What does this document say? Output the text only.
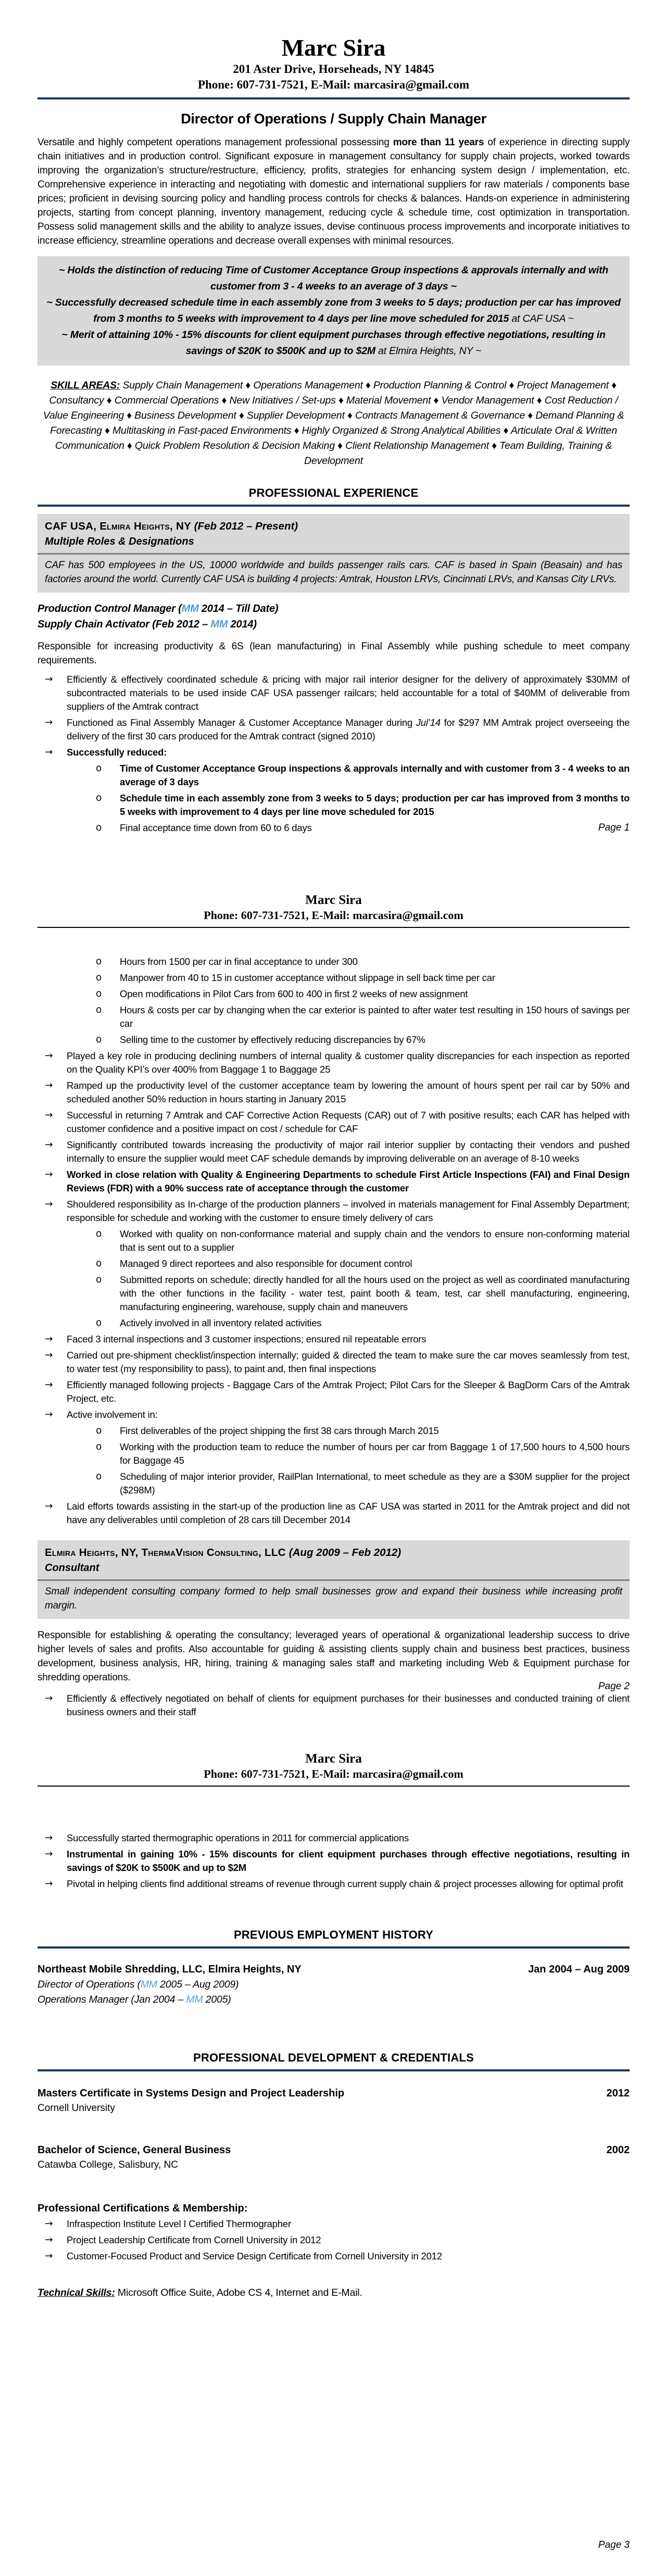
Marc Sira
201 Aster Drive, Horseheads, NY 14845
Phone: 607-731-7521, E-Mail: marcasira@gmail.com
Director of Operations / Supply Chain Manager

Versatile and highly competent operations management professional possessing more than 11 years of experience in directing supply chain initiatives and in production control. Significant exposure in management consultancy for supply chain projects, worked towards improving the organization’s structure/restructure, efficiency, profits, strategies for enhancing system design / implementation, etc. Comprehensive experience in interacting and negotiating with domestic and international suppliers for raw materials / components base prices; proficient in devising sourcing policy and handling process controls for checks & balances. Hands-on experience in administering projects, starting from concept planning, inventory management, reducing cycle & schedule time, cost optimization in transportation. Possess solid management skills and the ability to analyze issues, devise continuous process improvements and incorporate initiatives to increase efficiency, streamline operations and decrease overall expenses with minimal resources.

~ Holds the distinction of reducing Time of Customer Acceptance Group inspections & approvals internally and with customer from 3 - 4 weeks to an average of 3 days ~
~ Successfully decreased schedule time in each assembly zone from 3 weeks to 5 days; production per car has improved from 3 months to 5 weeks with improvement to 4 days per line move scheduled for 2015 at CAF USA ~
~ Merit of attaining 10% - 15% discounts for client equipment purchases through effective negotiations, resulting in savings of $20K to $500K and up to $2M at Elmira Heights, NY ~

SKILL AREAS: Supply Chain Management ♦ Operations Management ♦ Production Planning & Control ♦ Project Management ♦ Consultancy ♦ Commercial Operations ♦ New Initiatives / Set-ups ♦ Material Movement ♦ Vendor Management ♦ Cost Reduction / Value Engineering ♦ Business Development ♦ Supplier Development ♦ Contracts Management & Governance ♦ Demand Planning & Forecasting ♦ Multitasking in Fast-paced Environments ♦ Highly Organized & Strong Analytical Abilities ♦ Articulate Oral & Written Communication ♦ Quick Problem Resolution & Decision Making ♦ Client Relationship Management ♦ Team Building, Training & Development

PROFESSIONAL EXPERIENCE
CAF USA, Elmira Heights, NY (Feb 2012 – Present)
Multiple Roles & Designations
CAF has 500 employees in the US, 10000 worldwide and builds passenger rails cars. CAF is based in Spain (Beasain) and has factories around the world. Currently CAF USA is building 4 projects: Amtrak, Houston LRVs, Cincinnati LRVs, and Kansas City LRVs.
Production Control Manager (MM 2014 – Till Date)
Supply Chain Activator (Feb 2012 – MM 2014)

Responsible for increasing productivity & 6S (lean manufacturing) in Final Assembly while pushing schedule to meet company requirements.

→ Efficiently & effectively coordinated schedule & pricing with major rail interior designer for the delivery of approximately $30MM of subcontracted materials to be used inside CAF USA passenger railcars; held accountable for a total of $40MM of deliverable from suppliers of the Amtrak contract
→ Functioned as Final Assembly Manager & Customer Acceptance Manager during Jul’14 for $297 MM Amtrak project overseeing the delivery of the first 30 cars produced for the Amtrak contract (signed 2010)
→ Successfully reduced:
o Time of Customer Acceptance Group inspections & approvals internally and with customer from 3 - 4 weeks to an average of 3 days
o Schedule time in each assembly zone from 3 weeks to 5 days; production per car has improved from 3 months to 5 weeks with improvement to 4 days per line move scheduled for 2015
o Final acceptance time down from 60 to 6 days	Page 1
Marc Sira
Phone: 607-731-7521, E-Mail: marcasira@gmail.com
o Hours from 1500 per car in final acceptance to under 300
o Manpower from 40 to 15 in customer acceptance without slippage in sell back time per car
o Open modifications in Pilot Cars from 600 to 400 in first 2 weeks of new assignment
o Hours & costs per car by changing when the car exterior is painted to after water test resulting in 150 hours of savings per car
o Selling time to the customer by effectively reducing discrepancies by 67%
→ Played a key role in producing declining numbers of internal quality & customer quality discrepancies for each inspection as reported on the Quality KPI’s over 400% from Baggage 1 to Baggage 25
→ Ramped up the productivity level of the customer acceptance team by lowering the amount of hours spent per rail car by 50% and scheduled another 50% reduction in hours starting in January 2015
→ Successful in returning 7 Amtrak and CAF Corrective Action Requests (CAR) out of 7 with positive results; each CAR has helped with customer confidence and a positive impact on cost / schedule for CAF
→ Significantly contributed towards increasing the productivity of major rail interior supplier by contacting their vendors and pushed internally to ensure the supplier would meet CAF schedule demands by improving deliverable on an average of 8-10 weeks
→ Worked in close relation with Quality & Engineering Departments to schedule First Article Inspections (FAI) and Final Design Reviews (FDR) with a 90% success rate of acceptance through the customer
→ Shouldered responsibility as In-charge of the production planners – involved in materials management for Final Assembly Department; responsible for schedule and working with the customer to ensure timely delivery of cars
o Worked with quality on non-conformance material and supply chain and the vendors to ensure non-conforming material that is sent out to a supplier
o Managed 9 direct reportees and also responsible for document control
o Submitted reports on schedule; directly handled for all the hours used on the project as well as coordinated manufacturing with the other functions in the facility - water test, paint booth & team, test, car shell manufacturing, engineering, manufacturing engineering, warehouse, supply chain and maneuvers
o Actively involved in all inventory related activities
→ Faced 3 internal inspections and 3 customer inspections; ensured nil repeatable errors
→ Carried out pre-shipment checklist/inspection internally; guided & directed the team to make sure the car moves seamlessly from test, to water test (my responsibility to pass), to paint and, then final inspections
→ Efficiently managed following projects - Baggage Cars of the Amtrak Project; Pilot Cars for the Sleeper & BagDorm Cars of the Amtrak Project, etc.
→ Active involvement in:
o First deliverables of the project shipping the first 38 cars through March 2015
o Working with the production team to reduce the number of hours per car from Baggage 1 of 17,500 hours to 4,500 hours for Baggage 45
o Scheduling of major interior provider, RailPlan International, to meet schedule as they are a $30M supplier for the project ($298M)
→ Laid efforts towards assisting in the start-up of the production line as CAF USA was started in 2011 for the Amtrak project and did not have any deliverables until completion of 28 cars till December 2014
Elmira Heights, NY, ThermaVision Consulting, LLC (Aug 2009 – Feb 2012)
Consultant
Small independent consulting company formed to help small businesses grow and expand their business while increasing profit margin.

Responsible for establishing & operating the consultancy; leveraged years of operational & organizational leadership success to drive higher levels of sales and profits. Also accountable for guiding & assisting clients supply chain and business best practices, business development, business analysis, HR, hiring, training & managing sales staff and marketing including Web & Equipment purchase for shredding operations.

→ Efficiently & effectively negotiated on behalf of clients for equipment purchases for their businesses and conducted training of client business owners and their staff
Page 2
Marc Sira
Phone: 607-731-7521, E-Mail: marcasira@gmail.com
→ Successfully started thermographic operations in 2011 for commercial applications
→ Instrumental in gaining 10% - 15% discounts for client equipment purchases through effective negotiations, resulting in savings of $20K to $500K and up to $2M
→ Pivotal in helping clients find additional streams of revenue through current supply chain & project processes allowing for optimal profit
PREVIOUS EMPLOYMENT HISTORY
Northeast Mobile Shredding, LLC, Elmira Heights, NY	Jan 2004 – Aug 2009
Director of Operations (MM 2005 – Aug 2009)
Operations Manager (Jan 2004 – MM 2005)
PROFESSIONAL DEVELOPMENT & CREDENTIALS
Masters Certificate in Systems Design and Project Leadership	2012
Cornell University
Bachelor of Science, General Business	2002
Catawba College, Salisbury, NC
Professional Certifications & Membership:
→ Infraspection Institute Level I Certified Thermographer
→ Project Leadership Certificate from Cornell University in 2012
→ Customer-Focused Product and Service Design Certificate from Cornell University in 2012

Technical Skills: Microsoft Office Suite, Adobe CS 4, Internet and E-Mail.

Page 3
